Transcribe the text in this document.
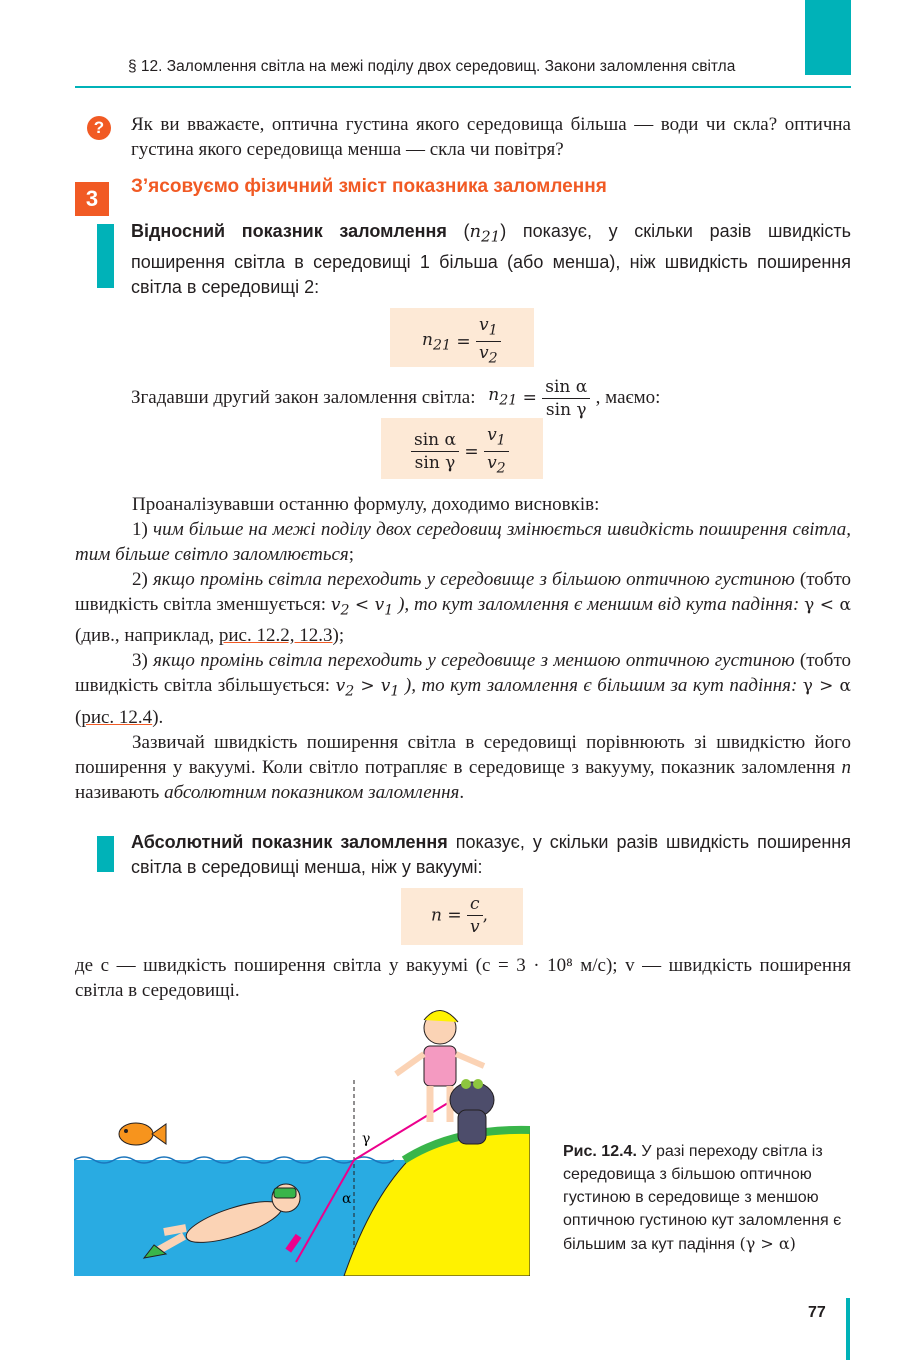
§ 12. Заломлення світла на межі поділу двох середовищ. Закони заломлення світла
?	Як ви вважаєте, оптична густина якого середовища більша — води чи скла? оптична густина якого середовища менша — скла чи повітря?
3	З’ясовуємо фізичний зміст показника заломлення
Відносний показник заломлення $(n_{21})$ показує, у скільки разів швидкість поширення світла в середовищі 1 більша (або менша), ніж швидкість поширення світла в середовищі 2:
$n_{21} = \frac{v_1}{v_2}$
Згадавши другий закон заломлення світла: $n_{21} = \frac{\text{sin α}}{\text{sin γ}}$ , маємо:
$\frac{\text{sin α}}{\text{sin γ}} = \frac{v_1}{v_2}$
Проаналізувавши останню формулу, доходимо висновків:
1) чим більше на межі поділу двох середовищ змінюється швидкість поширення світла, тим більше світло заломлюється;
2) якщо промінь світла переходить у середовище з більшою оптичною густиною (тобто швидкість світла зменшується: $v_2 < v_1$ ), то кут заломлення є меншим від кута падіння: γ < α (див., наприклад, рис. 12.2, 12.3);
3) якщо промінь світла переходить у середовище з меншою оптичною густиною (тобто швидкість світла збільшується: $v_2 > v_1$ ), то кут заломлення є більшим за кут падіння: γ > α (рис. 12.4).
Зазвичай швидкість поширення світла в середовищі порівнюють зі швидкістю його поширення у вакуумі. Коли світло потрапляє в середовище з вакууму, показник заломлення n називають абсолютним показником заломлення.
Абсолютний показник заломлення показує, у скільки разів швидкість поширення світла в середовищі менша, ніж у вакуумі:
$n = \frac{c}{v}$ ,
де c — швидкість поширення світла у вакуумі (c = 3 · 10⁸ м/с); v — швидкість поширення світла в середовищі.
γ
α
Рис. 12.4. У разі переходу світла із середовища з більшою оптичною густиною в середовище з меншою оптичною густиною кут заломлення є більшим за кут падіння (γ > α)
77
